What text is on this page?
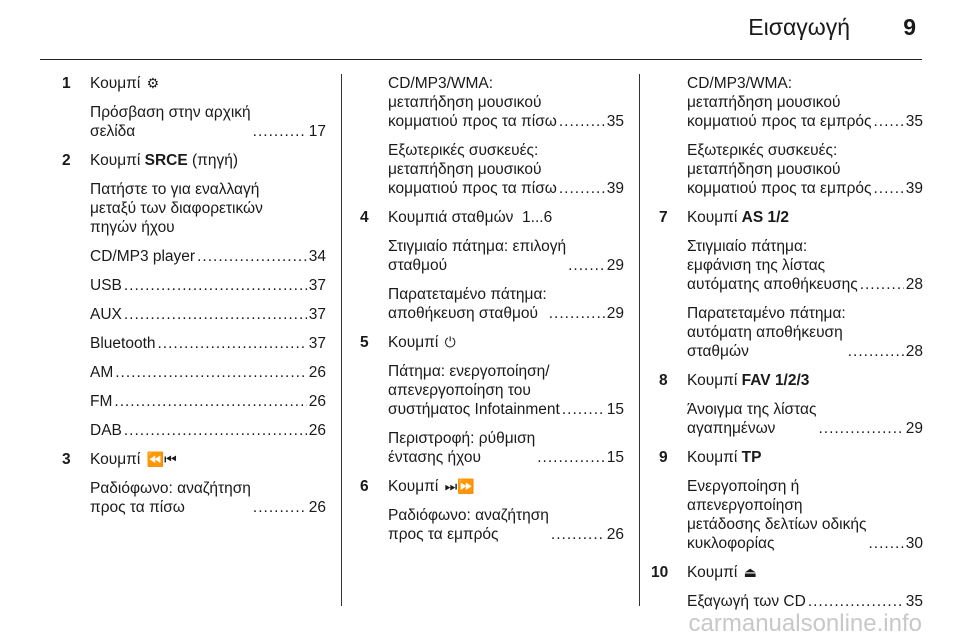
Εισαγωγή 9
1 Κουμπί ⚙
Πρόσβαση στην αρχική
σελίδα .....	17
2 Κουμπί SRCE (πηγή)
Πατήστε το για εναλλαγή
μεταξύ των διαφορετικών
πηγών ήχου
CD/MP3 player .....	34
USB .....	37
AUX .....	37
Bluetooth .....	37
AM .....	26
FM .....	26
DAB .....	26
3 Κουμπί ⏪⏮
Ραδιόφωνο: αναζήτηση
προς τα πίσω .....	26
CD/MP3/WMA:
μεταπήδηση μουσικού
κομματιού προς τα πίσω .....	35
Εξωτερικές συσκευές:
μεταπήδηση μουσικού
κομματιού προς τα πίσω .....	39
4 Κουμπιά σταθμών  1...6
Στιγμιαίο πάτημα: επιλογή
σταθμού .....	29
Παρατεταμένο πάτημα:
αποθήκευση σταθμού .....	29
5 Κουμπί ⏻
Πάτημα: ενεργοποίηση/
απενεργοποίηση του
συστήματος Infotainment .....	15
Περιστροφή: ρύθμιση
έντασης ήχου .....	15
6 Κουμπί ⏭⏩
Ραδιόφωνο: αναζήτηση
προς τα εμπρός .....	26
CD/MP3/WMA:
μεταπήδηση μουσικού
κομματιού προς τα εμπρός ..... 35
Εξωτερικές συσκευές:
μεταπήδηση μουσικού
κομματιού προς τα εμπρός ..... 39
7 Κουμπί AS 1/2
Στιγμιαίο πάτημα:
εμφάνιση της λίστας
αυτόματης αποθήκευσης .....	28
Παρατεταμένο πάτημα:
αυτόματη αποθήκευση
σταθμών .....	28
8 Κουμπί FAV 1/2/3
Άνοιγμα της λίστας
αγαπημένων .....	29
9 Κουμπί TP
Ενεργοποίηση ή
απενεργοποίηση
μετάδοσης δελτίων οδικής
κυκλοφορίας .....	30
10 Κουμπί ⏏
Εξαγωγή των CD .....	35
carmanualsonline.info
